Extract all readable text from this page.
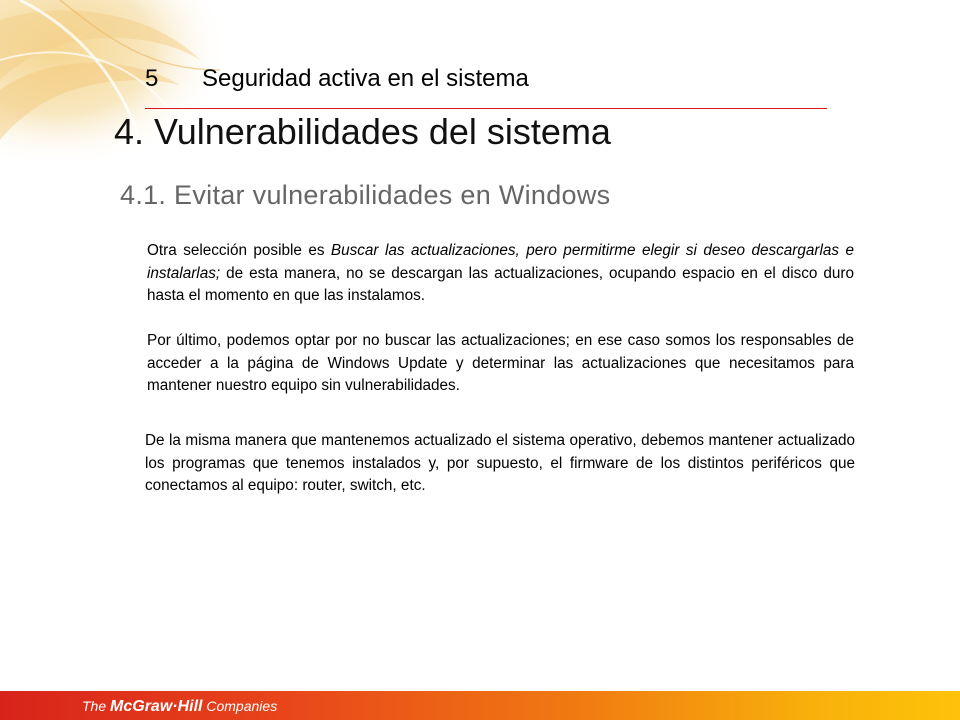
5 Seguridad activa en el sistema
4. Vulnerabilidades del sistema
4.1. Evitar vulnerabilidades en Windows

Otra selección posible es Buscar las actualizaciones, pero permitirme elegir si deseo descargarlas e instalarlas; de esta manera, no se descargan las actualizaciones, ocupando espacio en el disco duro hasta el momento en que las instalamos.

Por último, podemos optar por no buscar las actualizaciones; en ese caso somos los responsables de acceder a la página de Windows Update y determinar las actualizaciones que necesitamos para mantener nuestro equipo sin vulnerabilidades.

De la misma manera que mantenemos actualizado el sistema operativo, debemos mantener actualizado los programas que tenemos instalados y, por supuesto, el firmware de los distintos periféricos que conectamos al equipo: router, switch, etc.

The McGraw·Hill Companies
